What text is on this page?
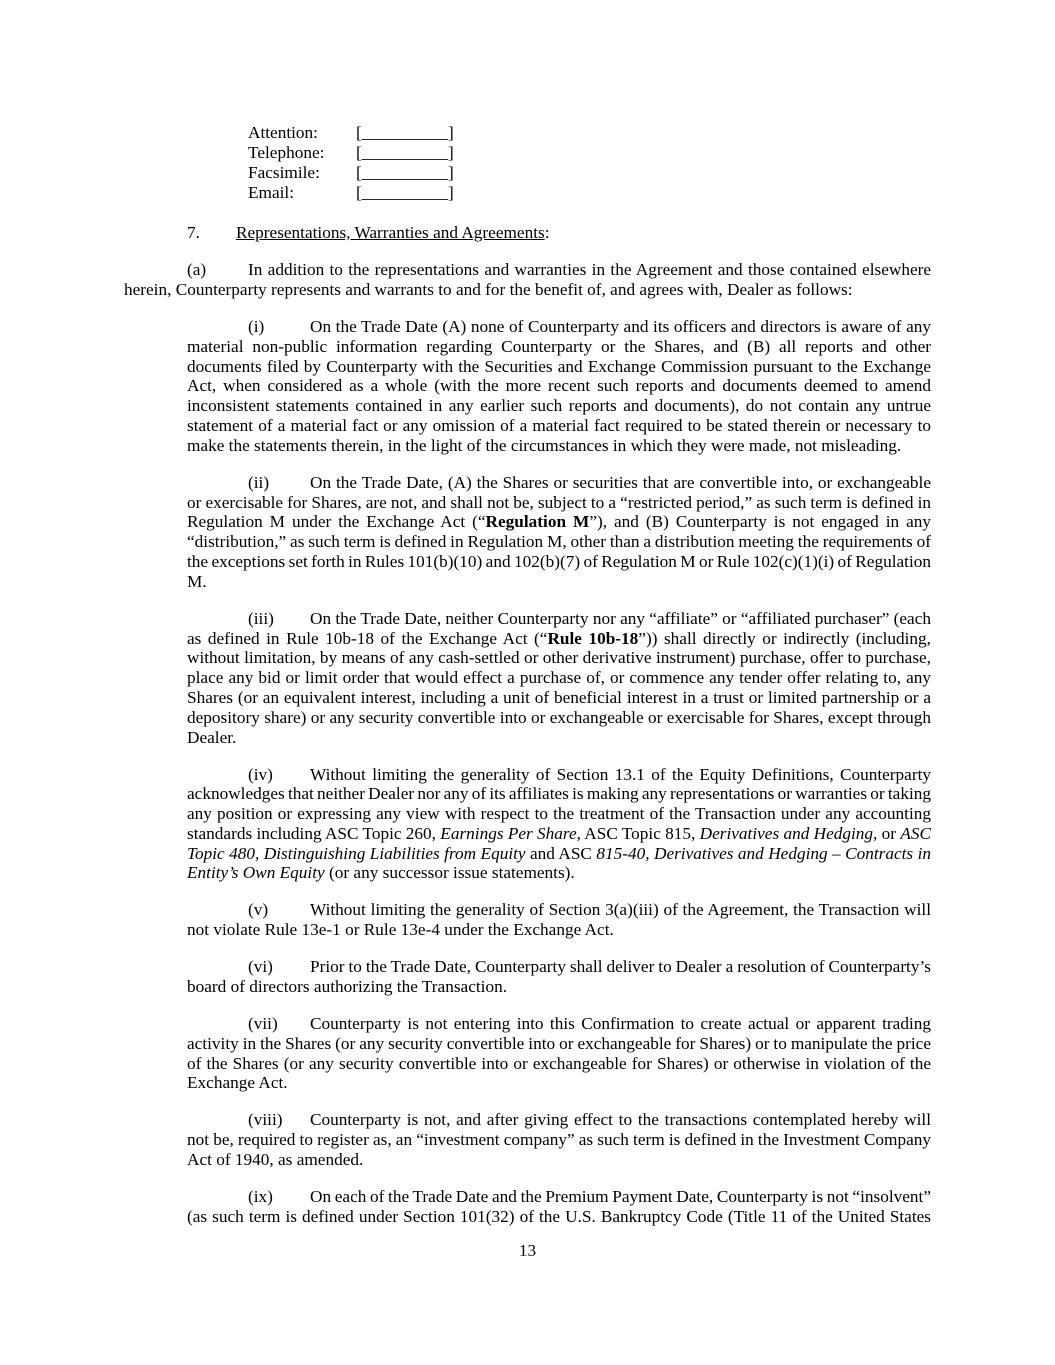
Attention: [__________]
Telephone: [__________]
Facsimile: [__________]
Email:	[__________]
7. Representations, Warranties and Agreements:
(a) In addition to the representations and warranties in the Agreement and those contained elsewhere
herein, Counterparty represents and warrants to and for the benefit of, and agrees with, Dealer as follows:
(i)	On the Trade Date (A) none of Counterparty and its officers and directors is aware of any
material non-public information regarding Counterparty or the Shares, and (B) all reports and other
documents filed by Counterparty with the Securities and Exchange Commission pursuant to the Exchange
Act, when considered as a whole (with the more recent such reports and documents deemed to amend
inconsistent statements contained in any earlier such reports and documents), do not contain any untrue
statement of a material fact or any omission of a material fact required to be stated therein or necessary to
make the statements therein, in the light of the circumstances in which they were made, not misleading.
(ii) On the Trade Date, (A) the Shares or securities that are convertible into, or exchangeable
or exercisable for Shares, are not, and shall not be, subject to a “restricted period,” as such term is defined in
Regulation M under the Exchange Act (“Regulation M”), and (B) Counterparty is not engaged in any
“distribution,” as such term is defined in Regulation M, other than a distribution meeting the requirements of
the exceptions set forth in Rules 101(b)(10) and 102(b)(7) of Regulation M or Rule 102(c)(1)(i) of Regulation
M.
(iii) On the Trade Date, neither Counterparty nor any “affiliate” or “affiliated purchaser” (each
as defined in Rule 10b-18 of the Exchange Act (“Rule 10b-18”)) shall directly or indirectly (including,
without limitation, by means of any cash-settled or other derivative instrument) purchase, offer to purchase,
place any bid or limit order that would effect a purchase of, or commence any tender offer relating to, any
Shares (or an equivalent interest, including a unit of beneficial interest in a trust or limited partnership or a
depository share) or any security convertible into or exchangeable or exercisable for Shares, except through
Dealer.
(iv) Without limiting the generality of Section 13.1 of the Equity Definitions, Counterparty
acknowledges that neither Dealer nor any of its affiliates is making any representations or warranties or taking
any position or expressing any view with respect to the treatment of the Transaction under any accounting
standards including ASC Topic 260, Earnings Per Share, ASC Topic 815, Derivatives and Hedging, or ASC
Topic 480, Distinguishing Liabilities from Equity and ASC 815-40, Derivatives and Hedging – Contracts in
Entity’s Own Equity (or any successor issue statements).
(v) Without limiting the generality of Section 3(a)(iii) of the Agreement, the Transaction will
not violate Rule 13e-1 or Rule 13e-4 under the Exchange Act.
(vi) Prior to the Trade Date, Counterparty shall deliver to Dealer a resolution of Counterparty’s
board of directors authorizing the Transaction.
(vii) Counterparty is not entering into this Confirmation to create actual or apparent trading
activity in the Shares (or any security convertible into or exchangeable for Shares) or to manipulate the price
of the Shares (or any security convertible into or exchangeable for Shares) or otherwise in violation of the
Exchange Act.
(viii) Counterparty is not, and after giving effect to the transactions contemplated hereby will
not be, required to register as, an “investment company” as such term is defined in the Investment Company
Act of 1940, as amended.
(ix) On each of the Trade Date and the Premium Payment Date, Counterparty is not “insolvent”
(as such term is defined under Section 101(32) of the U.S. Bankruptcy Code (Title 11 of the United States
13
